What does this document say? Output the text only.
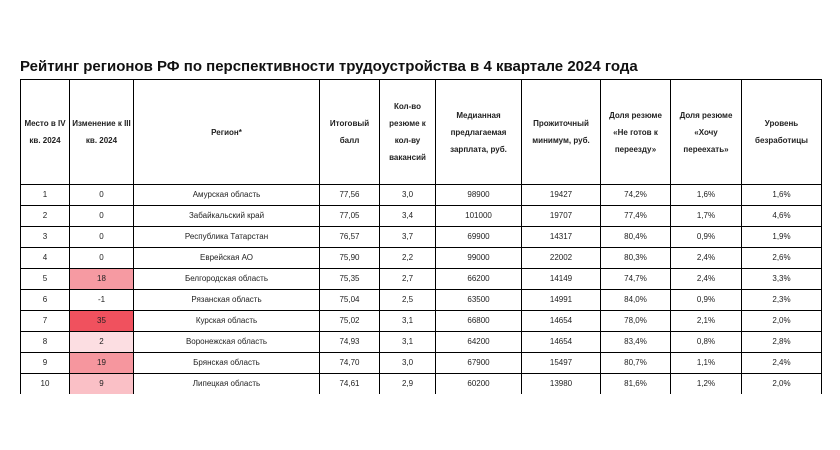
Рейтинг регионов РФ по перспективности трудоустройства в 4 квартале 2024 года
Место в IV кв. 2024	Изменение к III кв. 2024	Регион*	Итоговый балл	Кол-во резюме к кол-ву вакансий	Медианная предлагаемая зарплата, руб.	Прожиточный минимум, руб.	Доля резюме «Не готов к переезду»	Доля резюме «Хочу переехать»	Уровень безработицы
1	0	Амурская область	77,56	3,0	98900	19427	74,2%	1,6%	1,6%
2	0	Забайкальский край	77,05	3,4	101000	19707	77,4%	1,7%	4,6%
3	0	Республика Татарстан	76,57	3,7	69900	14317	80,4%	0,9%	1,9%
4	0	Еврейская АО	75,90	2,2	99000	22002	80,3%	2,4%	2,6%
5	18	Белгородская область	75,35	2,7	66200	14149	74,7%	2,4%	3,3%
6	-1	Рязанская область	75,04	2,5	63500	14991	84,0%	0,9%	2,3%
7	35	Курская область	75,02	3,1	66800	14654	78,0%	2,1%	2,0%
8	2	Воронежская область	74,93	3,1	64200	14654	83,4%	0,8%	2,8%
9	19	Брянская область	74,70	3,0	67900	15497	80,7%	1,1%	2,4%
10	9	Липецкая область	74,61	2,9	60200	13980	81,6%	1,2%	2,0%
